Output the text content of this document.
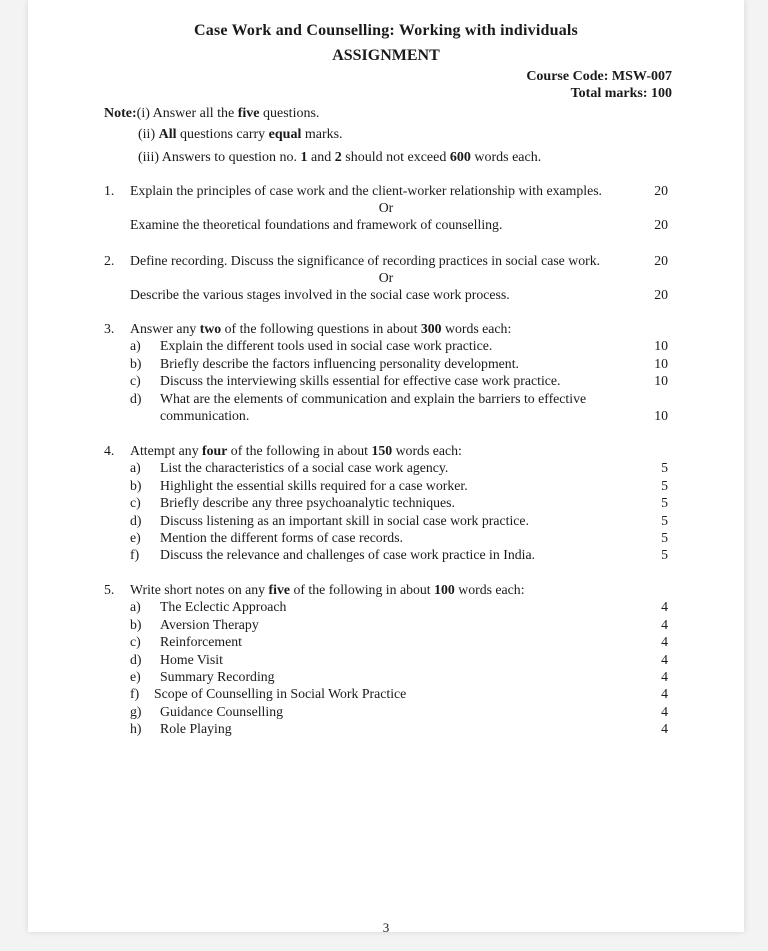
Case Work and Counselling: Working with individuals
ASSIGNMENT
Course Code: MSW-007
Total marks: 100
Note:(i) Answer all the five questions.
(ii) All questions carry equal marks.
(iii) Answers to question no. 1 and 2 should not exceed 600 words each.
1.	Explain the principles of case work and the client-worker relationship with examples.	20
Or
Examine the theoretical foundations and framework of counselling.	20
2.	Define recording. Discuss the significance of recording practices in social case work.	20
Or
Describe the various stages involved in the social case work process.	20
3.	Answer any two of the following questions in about 300 words each:
a)	Explain the different tools used in social case work practice.	10
b)	Briefly describe the factors influencing personality development.	10
c)	Discuss the interviewing skills essential for effective case work practice.	10
d)	What are the elements of communication and explain the barriers to effective
communication.	10
4.	Attempt any four of the following in about 150 words each:
a)	List the characteristics of a social case work agency.	5
b)	Highlight the essential skills required for a case worker.	5
c)	Briefly describe any three psychoanalytic techniques.	5
d)	Discuss listening as an important skill in social case work practice.	5
e)	Mention the different forms of case records.	5
f)	Discuss the relevance and challenges of case work practice in India.	5
5.	Write short notes on any five of the following in about 100 words each:
a)	The Eclectic Approach	4
b)	Aversion Therapy	4
c)	Reinforcement	4
d)	Home Visit	4
e)	Summary Recording	4
f)	Scope of Counselling in Social Work Practice	4
g)	Guidance Counselling	4
h)	Role Playing	4
3
